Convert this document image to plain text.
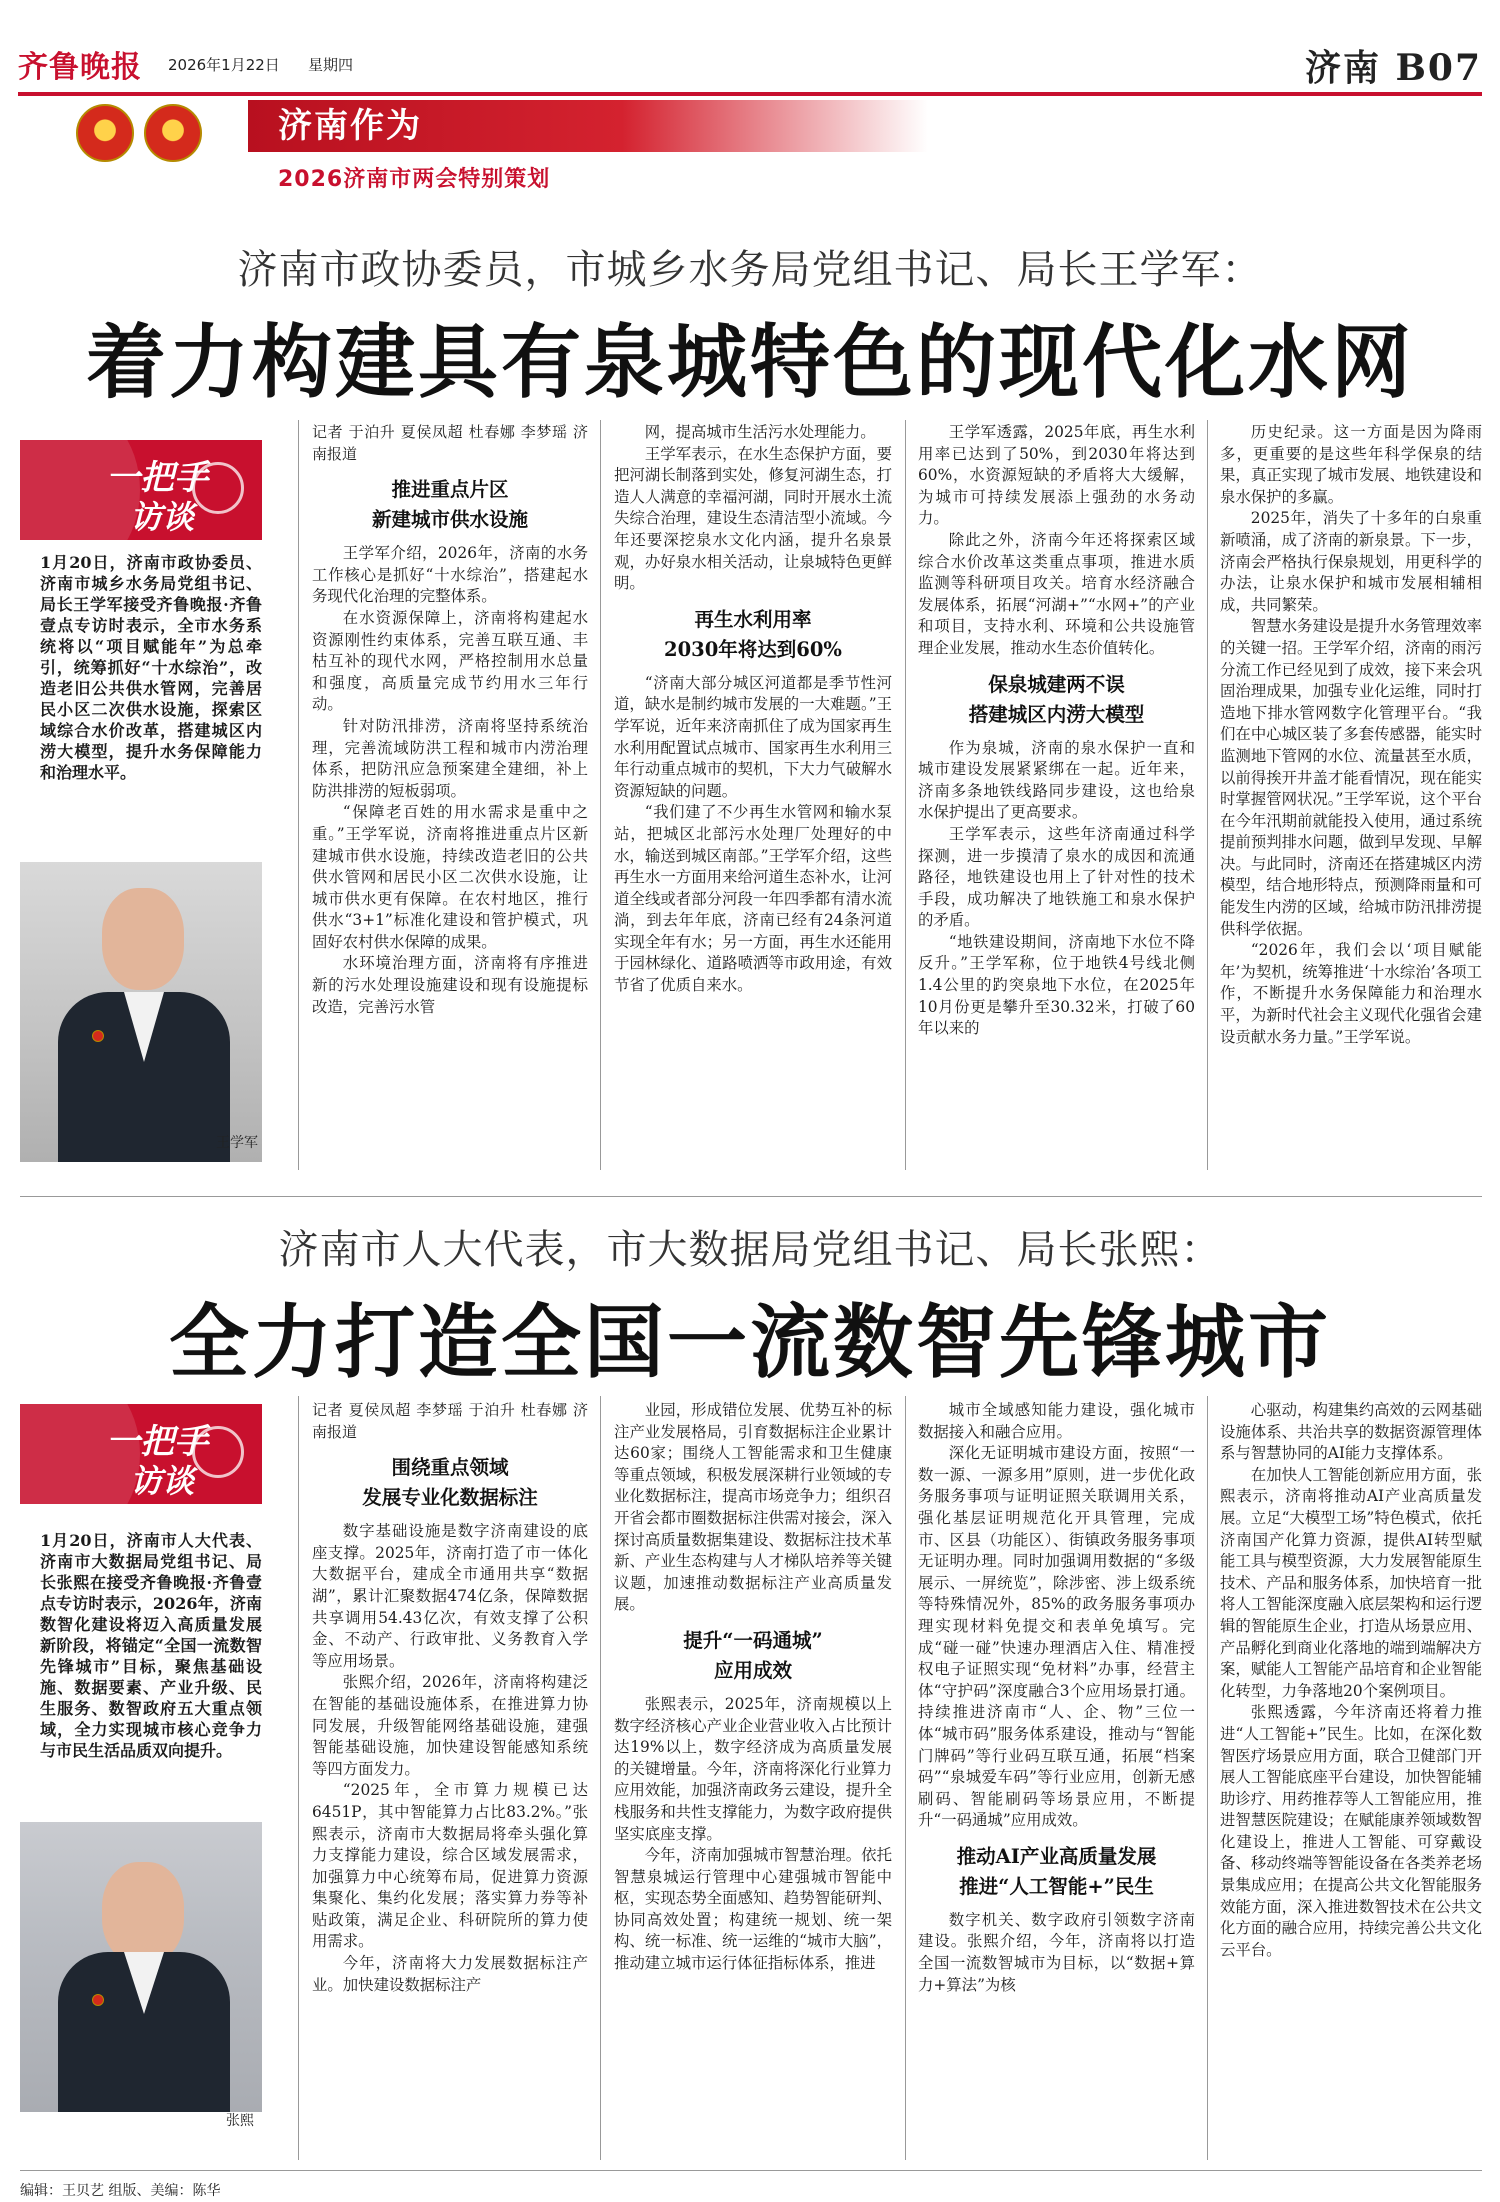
齐鲁晚报 2026年1月22日 星期四	济南 B07
济南作为
2026济南市两会特别策划
济南市政协委员，市城乡水务局党组书记、局长王学军：
着力构建具有泉城特色的现代化水网
一把手
访谈
1月20日，济南市政协委员、济南市城乡水务局党组书记、局长王学军接受齐鲁晚报·齐鲁壹点专访时表示，全市水务系统将以“项目赋能年”为总牵引，统筹抓好“十水综治”，改造老旧公共供水管网，完善居民小区二次供水设施，探索区域综合水价改革，搭建城区内涝大模型，提升水务保障能力和治理水平。
王学军

记者 于泊升 夏侯凤超 杜春娜 李梦瑶 济南报道

推进重点片区
新建城市供水设施

王学军介绍，2026年，济南的水务工作核心是抓好“十水综治”，搭建起水务现代化治理的完整体系。

在水资源保障上，济南将构建起水资源刚性约束体系，完善互联互通、丰枯互补的现代水网，严格控制用水总量和强度，高质量完成节约用水三年行动。

针对防汛排涝，济南将坚持系统治理，完善流域防洪工程和城市内涝治理体系，把防汛应急预案建全建细，补上防洪排涝的短板弱项。

“保障老百姓的用水需求是重中之重。”王学军说，济南将推进重点片区新建城市供水设施，持续改造老旧的公共供水管网和居民小区二次供水设施，让城市供水更有保障。在农村地区，推行供水“3+1”标准化建设和管护模式，巩固好农村供水保障的成果。

水环境治理方面，济南将有序推进新的污水处理设施建设和现有设施提标改造，完善污水管

网，提高城市生活污水处理能力。

王学军表示，在水生态保护方面，要把河湖长制落到实处，修复河湖生态，打造人人满意的幸福河湖，同时开展水土流失综合治理，建设生态清洁型小流域。今年还要深挖泉水文化内涵，提升名泉景观，办好泉水相关活动，让泉城特色更鲜明。

再生水利用率
2030年将达到60%

“济南大部分城区河道都是季节性河道，缺水是制约城市发展的一大难题。”王学军说，近年来济南抓住了成为国家再生水利用配置试点城市、国家再生水利用三年行动重点城市的契机，下大力气破解水资源短缺的问题。

“我们建了不少再生水管网和输水泵站，把城区北部污水处理厂处理好的中水，输送到城区南部。”王学军介绍，这些再生水一方面用来给河道生态补水，让河道全线或者部分河段一年四季都有清水流淌，到去年年底，济南已经有24条河道实现全年有水；另一方面，再生水还能用于园林绿化、道路喷洒等市政用途，有效节省了优质自来水。

王学军透露，2025年底，再生水利用率已达到了50%，到2030年将达到60%，水资源短缺的矛盾将大大缓解，为城市可持续发展添上强劲的水务动力。

除此之外，济南今年还将探索区域综合水价改革这类重点事项，推进水质监测等科研项目攻关。培育水经济融合发展体系，拓展“河湖+”“水网+”的产业和项目，支持水利、环境和公共设施管理企业发展，推动水生态价值转化。

保泉城建两不误
搭建城区内涝大模型

作为泉城，济南的泉水保护一直和城市建设发展紧紧绑在一起。近年来，济南多条地铁线路同步建设，这也给泉水保护提出了更高要求。

王学军表示，这些年济南通过科学探测，进一步摸清了泉水的成因和流通路径，地铁建设也用上了针对性的技术手段，成功解决了地铁施工和泉水保护的矛盾。

“地铁建设期间，济南地下水位不降反升。”王学军称，位于地铁4号线北侧1.4公里的趵突泉地下水位，在2025年10月份更是攀升至30.32米，打破了60年以来的

历史纪录。这一方面是因为降雨多，更重要的是这些年科学保泉的结果，真正实现了城市发展、地铁建设和泉水保护的多赢。

2025年，消失了十多年的白泉重新喷涌，成了济南的新泉景。下一步，济南会严格执行保泉规划，用更科学的办法，让泉水保护和城市发展相辅相成，共同繁荣。

智慧水务建设是提升水务管理效率的关键一招。王学军介绍，济南的雨污分流工作已经见到了成效，接下来会巩固治理成果，加强专业化运维，同时打造地下排水管网数字化管理平台。“我们在中心城区装了多套传感器，能实时监测地下管网的水位、流量甚至水质，以前得挨开井盖才能看情况，现在能实时掌握管网状况。”王学军说，这个平台在今年汛期前就能投入使用，通过系统提前预判排水问题，做到早发现、早解决。与此同时，济南还在搭建城区内涝模型，结合地形特点，预测降雨量和可能发生内涝的区域，给城市防汛排涝提供科学依据。

“2026年，我们会以‘项目赋能年’为契机，统筹推进‘十水综治’各项工作，不断提升水务保障能力和治理水平，为新时代社会主义现代化强省会建设贡献水务力量。”王学军说。

济南市人大代表，市大数据局党组书记、局长张熙：
全力打造全国一流数智先锋城市
一把手
访谈
1月20日，济南市人大代表、济南市大数据局党组书记、局长张熙在接受齐鲁晚报·齐鲁壹点专访时表示，2026年，济南数智化建设将迈入高质量发展新阶段，将锚定“全国一流数智先锋城市”目标，聚焦基础设施、数据要素、产业升级、民生服务、数智政府五大重点领域，全力实现城市核心竞争力与市民生活品质双向提升。
张熙

记者 夏侯凤超 李梦瑶 于泊升 杜春娜 济南报道

围绕重点领域
发展专业化数据标注

数字基础设施是数字济南建设的底座支撑。2025年，济南打造了市一体化大数据平台，建成全市通用共享“数据湖”，累计汇聚数据474亿条，保障数据共享调用54.43亿次，有效支撑了公积金、不动产、行政审批、义务教育入学等应用场景。

张熙介绍，2026年，济南将构建泛在智能的基础设施体系，在推进算力协同发展，升级智能网络基础设施，建强智能基础设施，加快建设智能感知系统等四方面发力。

“2025年，全市算力规模已达6451P，其中智能算力占比83.2%。”张熙表示，济南市大数据局将牵头强化算力支撑能力建设，综合区域发展需求，加强算力中心统筹布局，促进算力资源集聚化、集约化发展；落实算力券等补贴政策，满足企业、科研院所的算力使用需求。

今年，济南将大力发展数据标注产业。加快建设数据标注产

业园，形成错位发展、优势互补的标注产业发展格局，引育数据标注企业累计达60家；围绕人工智能需求和卫生健康等重点领域，积极发展深耕行业领域的专业化数据标注，提高市场竞争力；组织召开省会都市圈数据标注供需对接会，深入探讨高质量数据集建设、数据标注技术革新、产业生态构建与人才梯队培养等关键议题，加速推动数据标注产业高质量发展。

提升“一码通城”
应用成效

张熙表示，2025年，济南规模以上数字经济核心产业企业营业收入占比预计达19%以上，数字经济成为高质量发展的关键增量。今年，济南将深化行业算力应用效能，加强济南政务云建设，提升全栈服务和共性支撑能力，为数字政府提供坚实底座支撑。

今年，济南加强城市智慧治理。依托智慧泉城运行管理中心建强城市智能中枢，实现态势全面感知、趋势智能研判、协同高效处置；构建统一规划、统一架构、统一标准、统一运维的“城市大脑”，推动建立城市运行体征指标体系，推进

城市全域感知能力建设，强化城市数据接入和融合应用。

深化无证明城市建设方面，按照“一数一源、一源多用”原则，进一步优化政务服务事项与证明证照关联调用关系，强化基层证明规范化开具管理，完成市、区县（功能区）、街镇政务服务事项无证明办理。同时加强调用数据的“多级展示、一屏统览”，除涉密、涉上级系统等特殊情况外，85%的政务服务事项办理实现材料免提交和表单免填写。完成“碰一碰”快速办理酒店入住、精准授权电子证照实现“免材料”办事，经营主体“守护码”深度融合3个应用场景打通。持续推进济南市“人、企、物”三位一体“城市码”服务体系建设，推动与“智能门牌码”等行业码互联互通，拓展“档案码”“泉城爱车码”等行业应用，创新无感刷码、智能刷码等场景应用，不断提升“一码通城”应用成效。

推动AI产业高质量发展
推进“人工智能+”民生

数字机关、数字政府引领数字济南建设。张熙介绍，今年，济南将以打造全国一流数智城市为目标，以“数据+算力+算法”为核

心驱动，构建集约高效的云网基础设施体系、共治共享的数据资源管理体系与智慧协同的AI能力支撑体系。

在加快人工智能创新应用方面，张熙表示，济南将推动AI产业高质量发展。立足“大模型工场”特色模式，依托济南国产化算力资源，提供AI转型赋能工具与模型资源，大力发展智能原生技术、产品和服务体系，加快培育一批将人工智能深度融入底层架构和运行逻辑的智能原生企业，打造从场景应用、产品孵化到商业化落地的端到端解决方案，赋能人工智能产品培育和企业智能化转型，力争落地20个案例项目。

张熙透露，今年济南还将着力推进“人工智能+”民生。比如，在深化数智医疗场景应用方面，联合卫健部门开展人工智能底座平台建设，加快智能辅助诊疗、用药推荐等人工智能应用，推进智慧医院建设；在赋能康养领域数智化建设上，推进人工智能、可穿戴设备、移动终端等智能设备在各类养老场景集成应用；在提高公共文化智能服务效能方面，深入推进数智技术在公共文化方面的融合应用，持续完善公共文化云平台。

编辑：王贝艺 组版、美编：陈华
